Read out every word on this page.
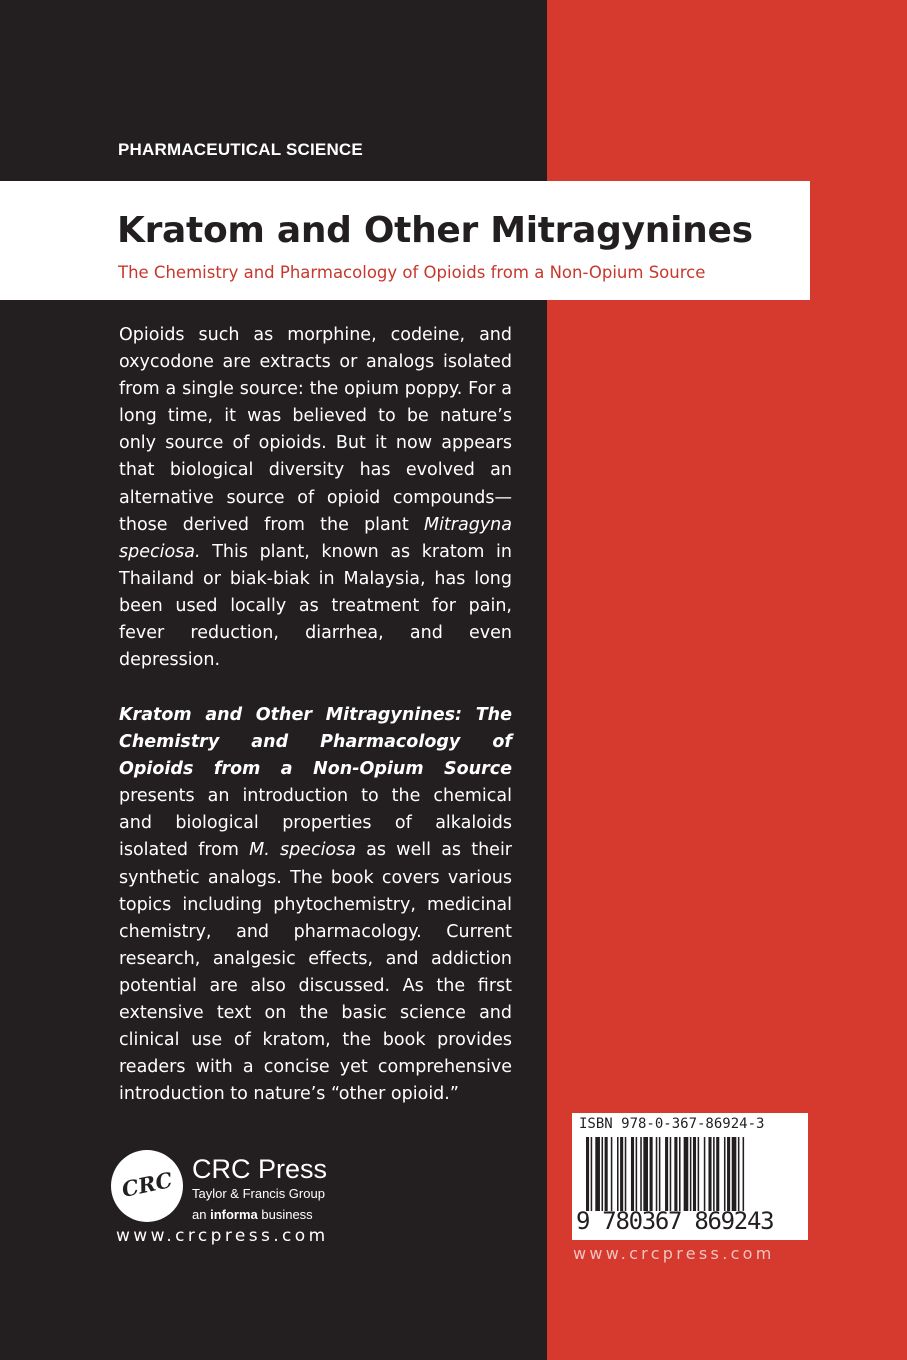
PHARMACEUTICAL SCIENCE
Kratom and Other Mitragynines
The Chemistry and Pharmacology of Opioids from a Non-Opium Source
Opioids such as morphine, codeine, and oxycodone are extracts or analogs isolated from a single source: the opium poppy. For a long time, it was believed to be nature’s only source of opioids. But it now appears that biological diversity has evolved an alternative source of opioid compounds—those derived from the plant Mitragyna speciosa. This plant, known as kratom in Thailand or biak-biak in Malaysia, has long been used locally as treatment for pain, fever reduction, diarrhea, and even depression.
Kratom and Other Mitragynines: The Chemistry and Pharmacology of Opioids from a Non-Opium Source presents an introduction to the chemical and biological properties of alkaloids isolated from M. speciosa as well as their synthetic analogs. The book covers various topics including phytochemistry, medicinal chemistry, and pharmacology. Current research, analgesic effects, and addiction potential are also discussed. As the first extensive text on the basic science and clinical use of kratom, the book provides readers with a concise yet comprehensive introduction to nature’s “other opioid.”
CRC CRC Press
Taylor & Francis Group
an informa business
www.crcpress.com
ISBN 978-0-367-86924-3
9 780367 869243
www.crcpress.com
